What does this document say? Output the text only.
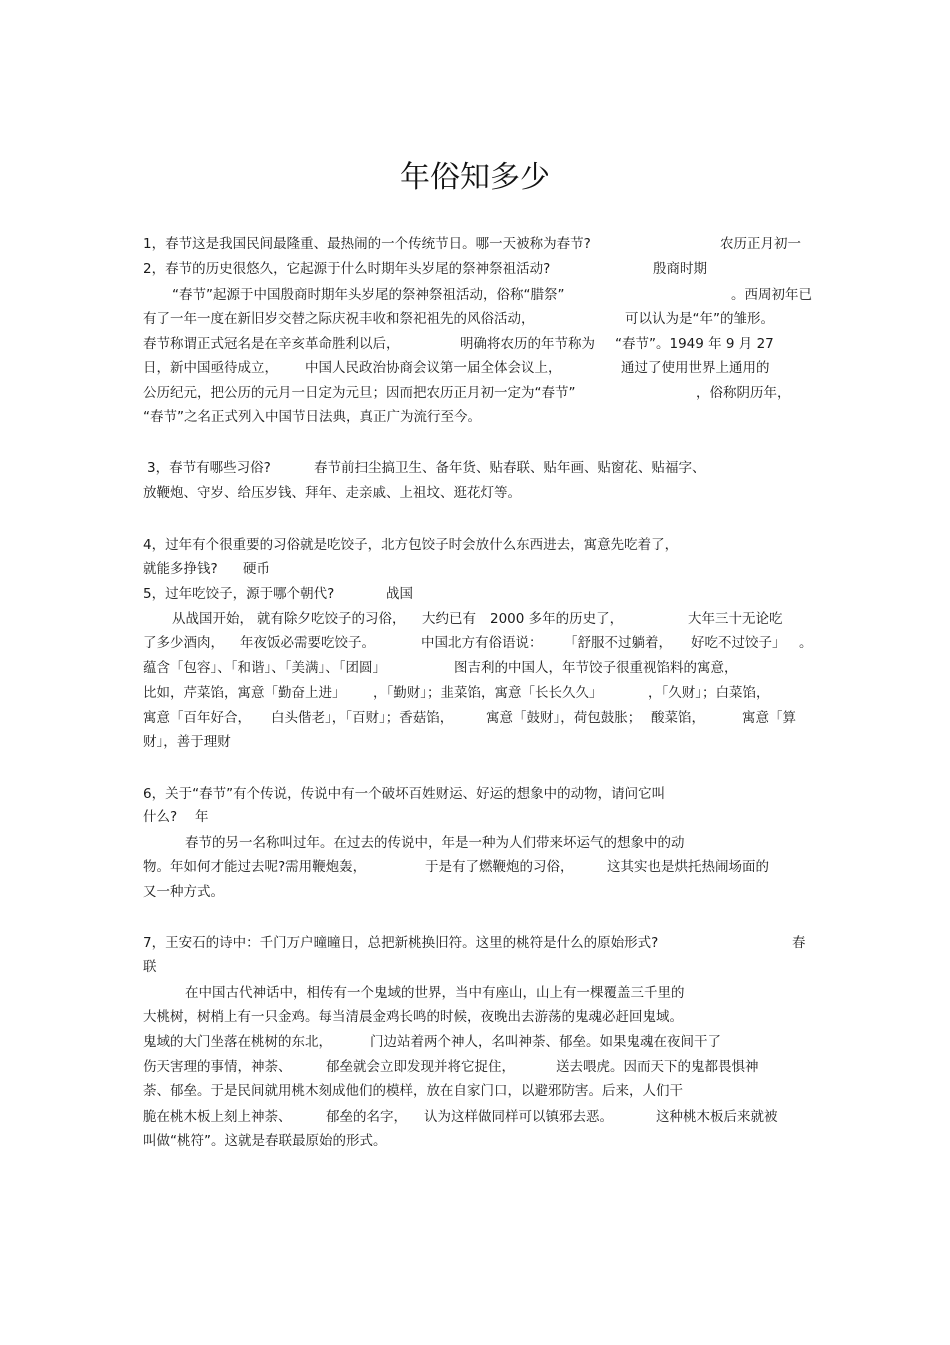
年俗知多少
1，春节这是我国民间最隆重、最热闹的一个传统节日。哪一天被称为春节?	农历正月初一
2，春节的历史很悠久，它起源于什么时期年头岁尾的祭神祭祖活动?	殷商时期
“春节”起源于中国殷商时期年头岁尾的祭神祭祖活动，俗称“腊祭”	。西周初年已
有了一年一度在新旧岁交替之际庆祝丰收和祭祀祖先的风俗活动，	可以认为是“年”的雏形。
春节称谓正式冠名是在辛亥革命胜利以后，	明确将农历的年节称为 “春节”。1949 年 9 月 27
日，新中国亟待成立， 中国人民政治协商会议第一届全体会议上，	通过了使用世界上通用的
公历纪元，把公历的元月一日定为元旦；因而把农历正月初一定为“春节”	，俗称阴历年，
“春节”之名正式列入中国节日法典，真正广为流行至今。
3，春节有哪些习俗?	春节前扫尘搞卫生、备年货、贴春联、贴年画、贴窗花、贴福字、
放鞭炮、守岁、给压岁钱、拜年、走亲戚、上祖坟、逛花灯等。
4，过年有个很重要的习俗就是吃饺子，北方包饺子时会放什么东西进去，寓意先吃着了，
就能多挣钱? 硬币
5，过年吃饺子，源于哪个朝代?	战国
从战国开始， 就有除夕吃饺子的习俗， 大约已有 2000 多年的历史了，	大年三十无论吃
了多少酒肉， 年夜饭必需要吃饺子。	中国北方有俗语说： 「舒服不过躺着， 好吃不过饺子」 。
蕴含「包容」、「和谐」、「美满」、「团圆」	图吉利的中国人，年节饺子很重视馅料的寓意，
比如，芹菜馅，寓意「勤奋上进」 ，「勤财」；韭菜馅，寓意「长长久久」	，「久财」；白菜馅，
寓意「百年好合， 白头偕老」，「百财」；香菇馅， 寓意「鼓财」，荷包鼓胀； 酸菜馅，	寓意「算
财」，善于理财
6，关于“春节”有个传说，传说中有一个破坏百姓财运、好运的想象中的动物，请问它叫
什么? 年
春节的另一名称叫过年。在过去的传说中，年是一种为人们带来坏运气的想象中的动
物。年如何才能过去呢?需用鞭炮轰，	于是有了燃鞭炮的习俗， 这其实也是烘托热闹场面的
又一种方式。
7，王安石的诗中：千门万户曈曈日，总把新桃换旧符。这里的桃符是什么的原始形式?	春
联
在中国古代神话中，相传有一个鬼域的世界，当中有座山，山上有一棵覆盖三千里的
大桃树，树梢上有一只金鸡。每当清晨金鸡长鸣的时候，夜晚出去游荡的鬼魂必赶回鬼域。
鬼域的大门坐落在桃树的东北，	门边站着两个神人，名叫神荼、郁垒。如果鬼魂在夜间干了
伤天害理的事情，神荼、	郁垒就会立即发现并将它捉住，	送去喂虎。因而天下的鬼都畏惧神
荼、郁垒。于是民间就用桃木刻成他们的模样，放在自家门口，以避邪防害。后来，人们干
脆在桃木板上刻上神荼、	郁垒的名字， 认为这样做同样可以镇邪去恶。	这种桃木板后来就被
叫做“桃符”。这就是春联最原始的形式。
